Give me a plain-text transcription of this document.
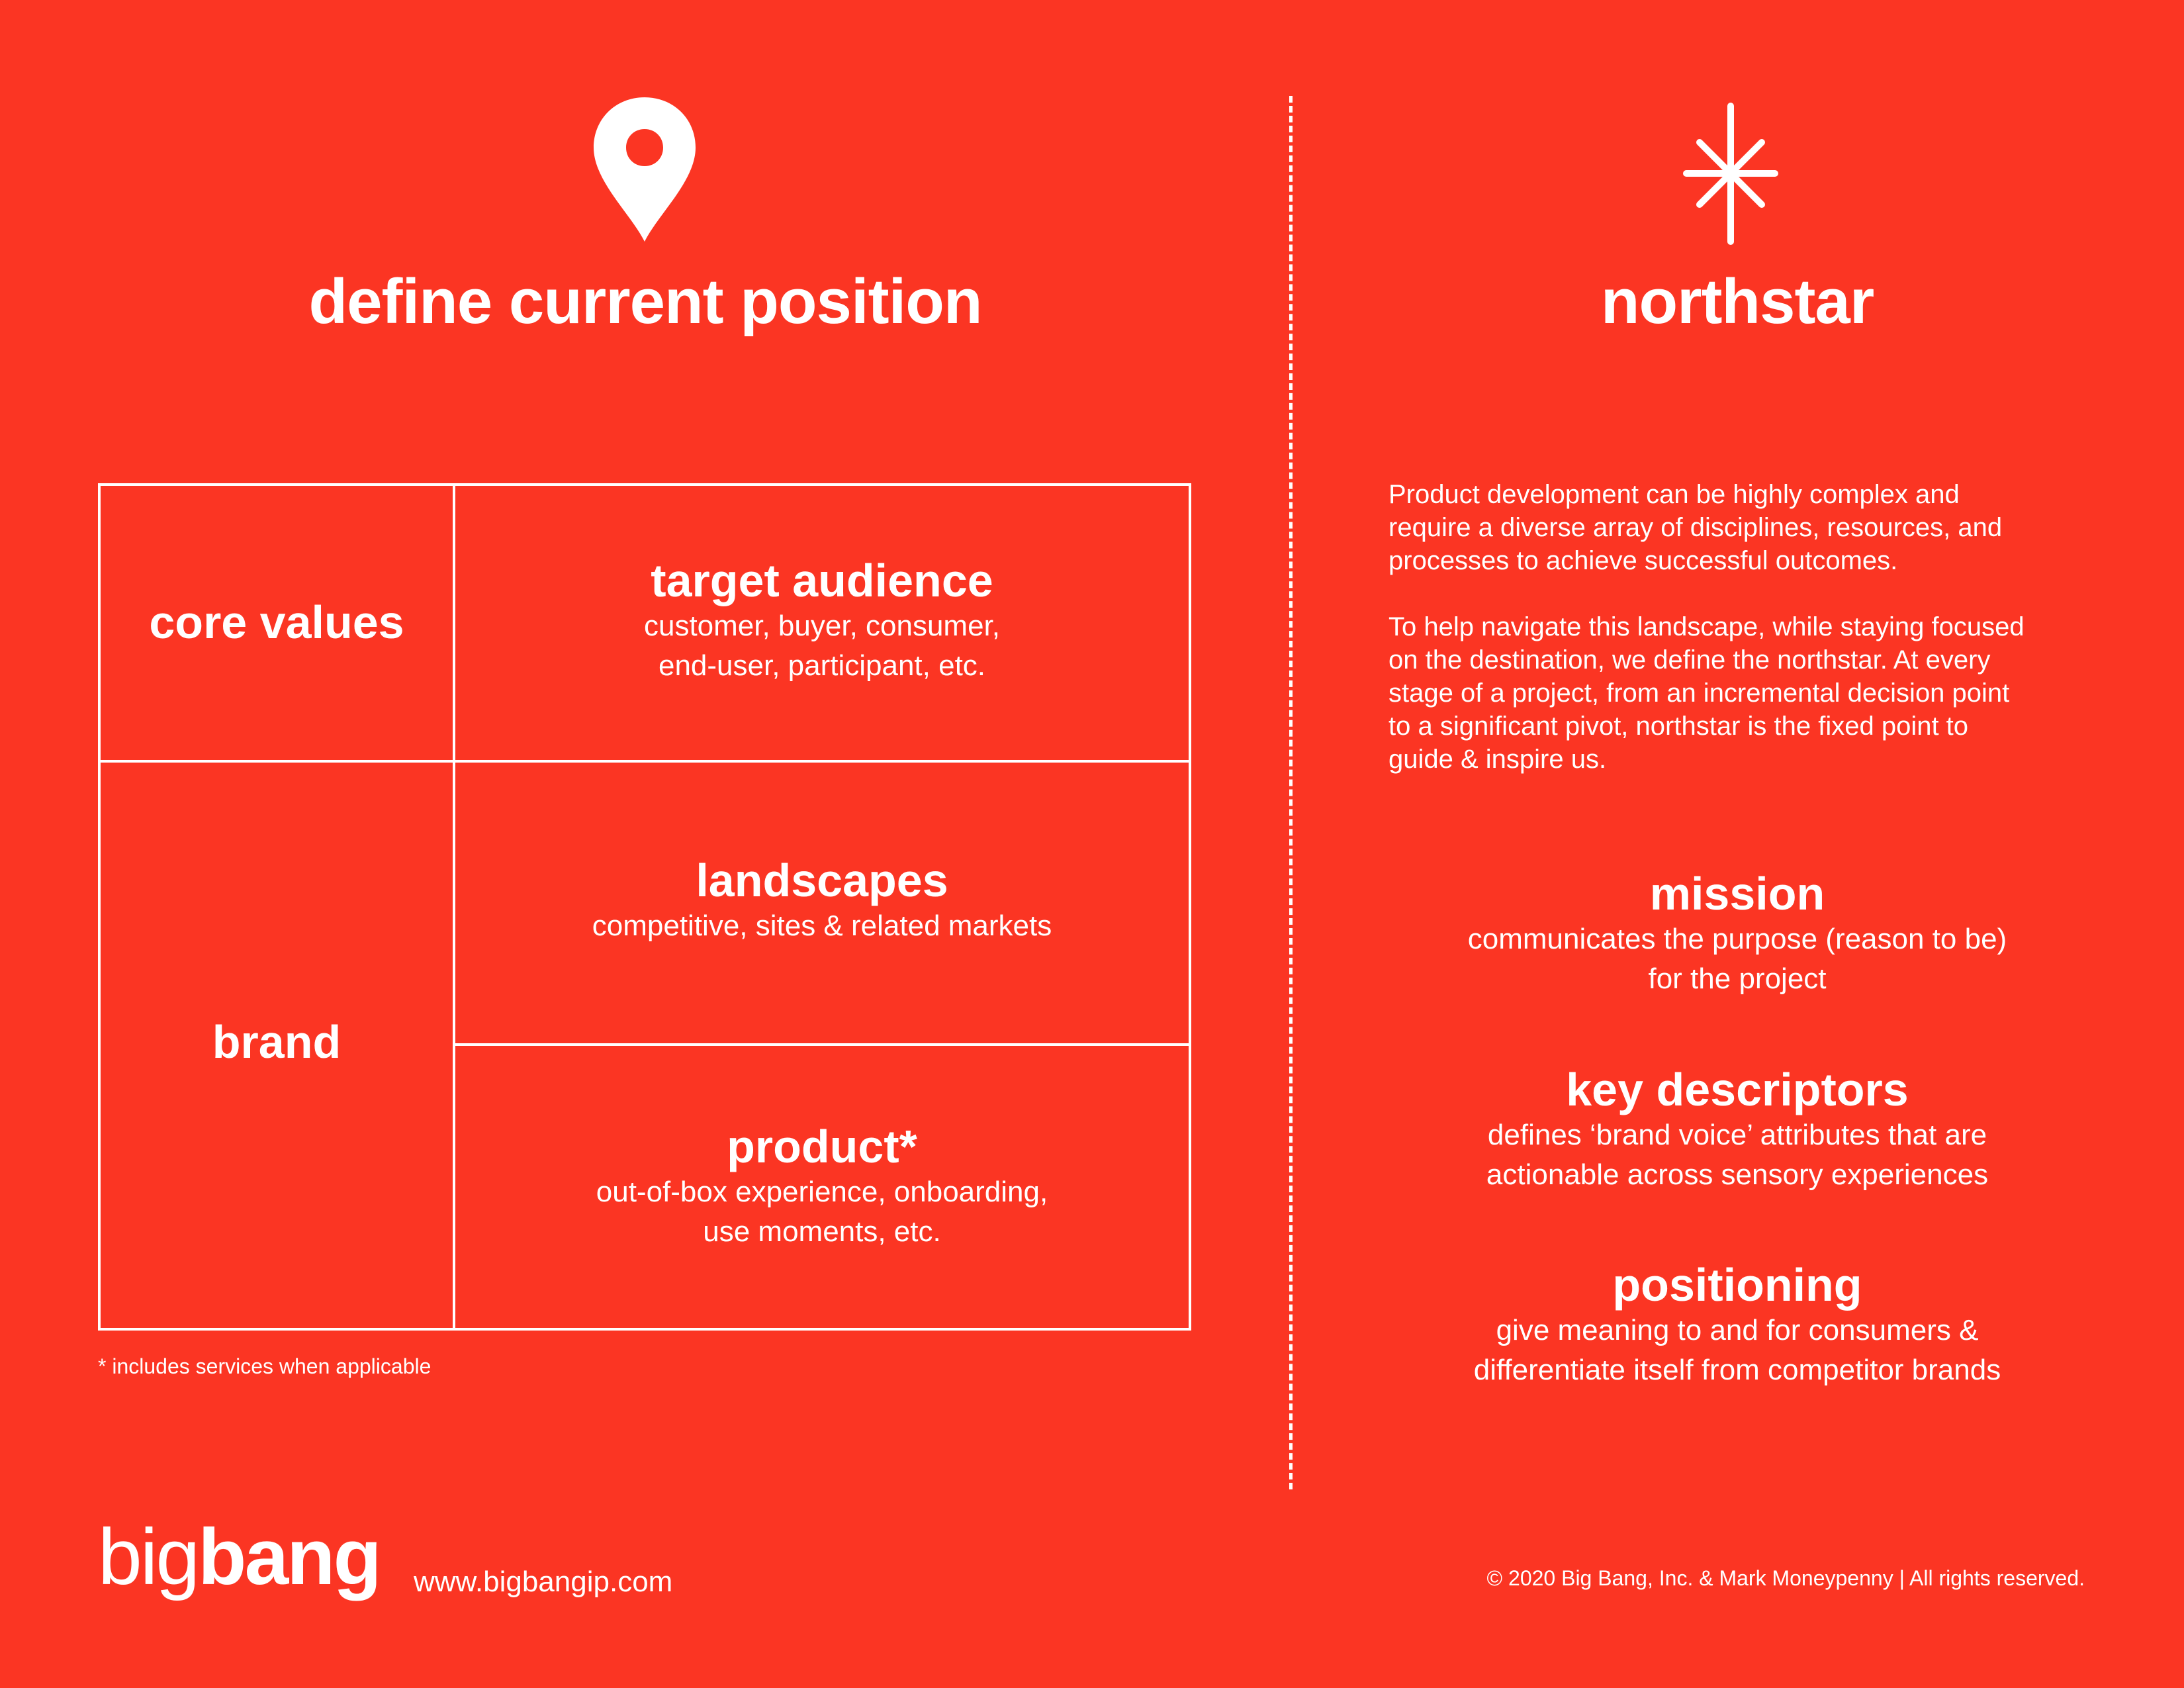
define current position	northstar
core values
brand
target audience
customer, buyer, consumer,
end-user, participant, etc.
landscapes
competitive, sites & related markets
product*
out-of-box experience, onboarding,
use moments, etc.
* includes services when applicable

Product development can be highly complex and
require a diverse array of disciplines, resources, and
processes to achieve successful outcomes.

To help navigate this landscape, while staying focused
on the destination, we define the northstar. At every
stage of a project, from an incremental decision point
to a significant pivot, northstar is the fixed point to
guide & inspire us.

mission
communicates the purpose (reason to be)
for the project
key descriptors
defines ‘brand voice’ attributes that are
actionable across sensory experiences
positioning
give meaning to and for consumers &
differentiate itself from competitor brands
bigbang www.bigbangip.com	© 2020 Big Bang, Inc. & Mark Moneypenny | All rights reserved.
